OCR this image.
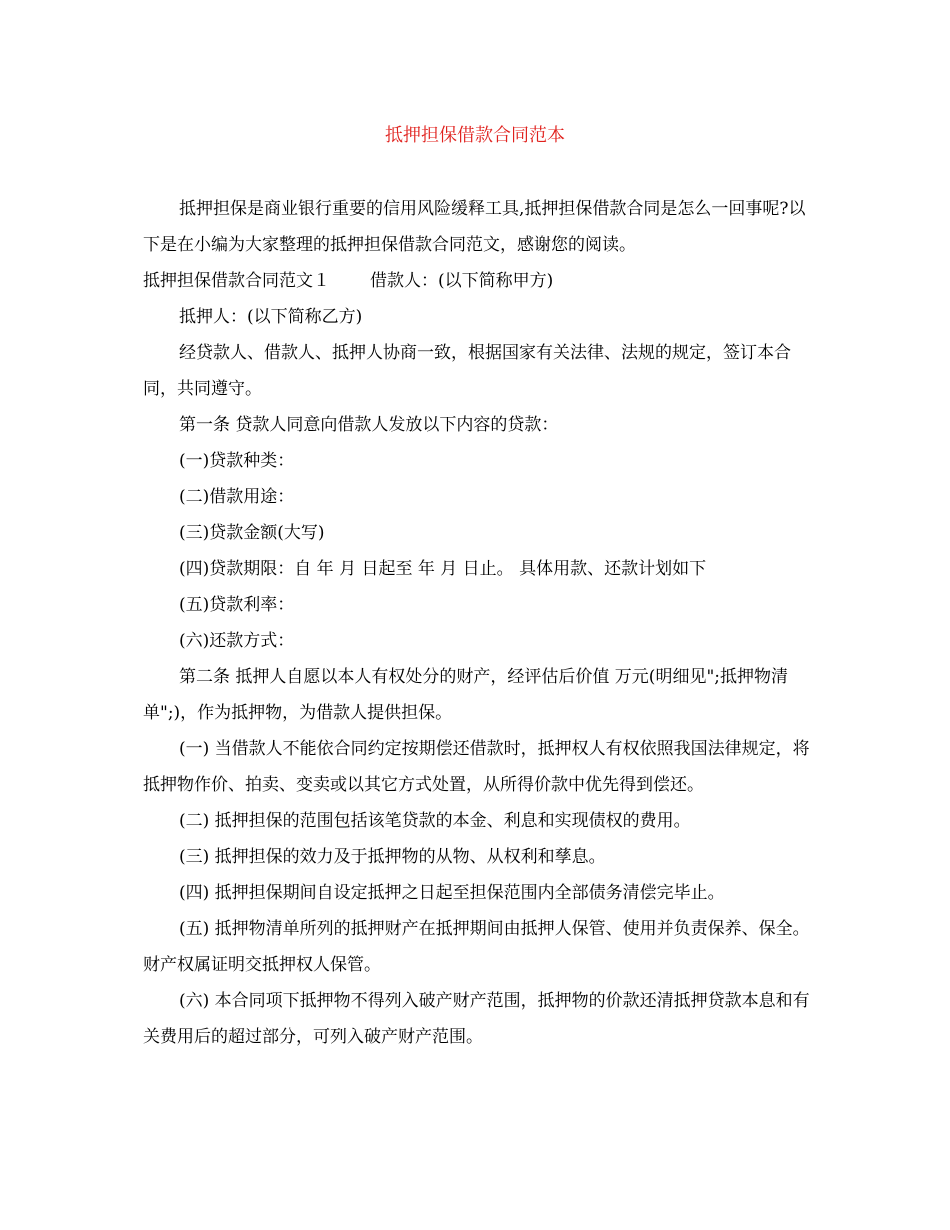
抵押担保借款合同范本

抵押担保是商业银行重要的信用风险缓释工具,抵押担保借款合同是怎么一回事呢?以下是在小编为大家整理的抵押担保借款合同范文，感谢您的阅读。

抵押担保借款合同范文１ 借款人：(以下简称甲方)

抵押人：(以下简称乙方)

经贷款人、借款人、抵押人协商一致，根据国家有关法律、法规的规定，签订本合同，共同遵守。

第一条 贷款人同意向借款人发放以下内容的贷款：

(一)贷款种类：

(二)借款用途：

(三)贷款金额(大写)

(四)贷款期限：自 年 月 日起至 年 月 日止。 具体用款、还款计划如下

(五)贷款利率：

(六)还款方式：

第二条 抵押人自愿以本人有权处分的财产，经评估后价值 万元(明细见";抵押物清单";)，作为抵押物，为借款人提供担保。

(一) 当借款人不能依合同约定按期偿还借款时，抵押权人有权依照我国法律规定，将抵押物作价、拍卖、变卖或以其它方式处置，从所得价款中优先得到偿还。

(二) 抵押担保的范围包括该笔贷款的本金、利息和实现债权的费用。

(三) 抵押担保的效力及于抵押物的从物、从权利和孳息。

(四) 抵押担保期间自设定抵押之日起至担保范围内全部债务清偿完毕止。

(五) 抵押物清单所列的抵押财产在抵押期间由抵押人保管、使用并负责保养、保全。财产权属证明交抵押权人保管。

(六) 本合同项下抵押物不得列入破产财产范围，抵押物的价款还清抵押贷款本息和有关费用后的超过部分，可列入破产财产范围。
